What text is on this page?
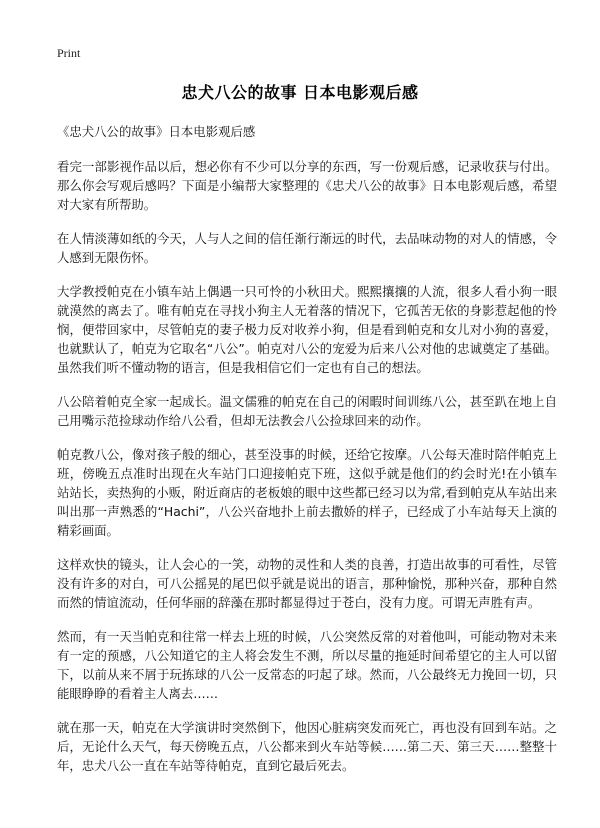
Print
忠犬八公的故事 日本电影观后感
《忠犬八公的故事》日本电影观后感

看完一部影视作品以后，想必你有不少可以分享的东西，写一份观后感，记录收获与付出。那么你会写观后感吗？下面是小编帮大家整理的《忠犬八公的故事》日本电影观后感，希望对大家有所帮助。

在人情淡薄如纸的今天，人与人之间的信任渐行渐远的时代，去品味动物的对人的情感，令人感到无限伤怀。

大学教授帕克在小镇车站上偶遇一只可怜的小秋田犬。熙熙攘攘的人流，很多人看小狗一眼就漠然的离去了。唯有帕克在寻找小狗主人无着落的情况下，它孤苦无依的身影惹起他的怜悯，便带回家中，尽管帕克的妻子极力反对收养小狗，但是看到帕克和女儿对小狗的喜爱，也就默认了，帕克为它取名“八公”。帕克对八公的宠爱为后来八公对他的忠诚奠定了基础。虽然我们听不懂动物的语言，但是我相信它们一定也有自己的想法。

八公陪着帕克全家一起成长。温文儒雅的帕克在自己的闲暇时间训练八公，甚至趴在地上自己用嘴示范捡球动作给八公看，但却无法教会八公捡球回来的动作。

帕克教八公，像对孩子般的细心，甚至没事的时候，还给它按摩。八公每天准时陪伴帕克上班，傍晚五点准时出现在火车站门口迎接帕克下班，这似乎就是他们的约会时光!在小镇车站站长，卖热狗的小贩，附近商店的老板娘的眼中这些都已经习以为常,看到帕克从车站出来叫出那一声熟悉的“Hachi”，八公兴奋地扑上前去撒娇的样子，已经成了小车站每天上演的精彩画面。

这样欢快的镜头，让人会心的一笑，动物的灵性和人类的良善，打造出故事的可看性，尽管没有许多的对白，可八公摇晃的尾巴似乎就是说出的语言，那种愉悦，那种兴奋，那种自然而然的情谊流动，任何华丽的辞藻在那时都显得过于苍白，没有力度。可谓无声胜有声。

然而，有一天当帕克和往常一样去上班的时候，八公突然反常的对着他叫，可能动物对未来有一定的预感，八公知道它的主人将会发生不测，所以尽量的拖延时间希望它的主人可以留下，以前从来不屑于玩拣球的八公一反常态的叼起了球。然而，八公最终无力挽回一切，只能眼睁睁的看着主人离去……

就在那一天，帕克在大学演讲时突然倒下，他因心脏病突发而死亡，再也没有回到车站。之后，无论什么天气，每天傍晚五点，八公都来到火车站等候……第二天、第三天……整整十年，忠犬八公一直在车站等待帕克，直到它最后死去。
